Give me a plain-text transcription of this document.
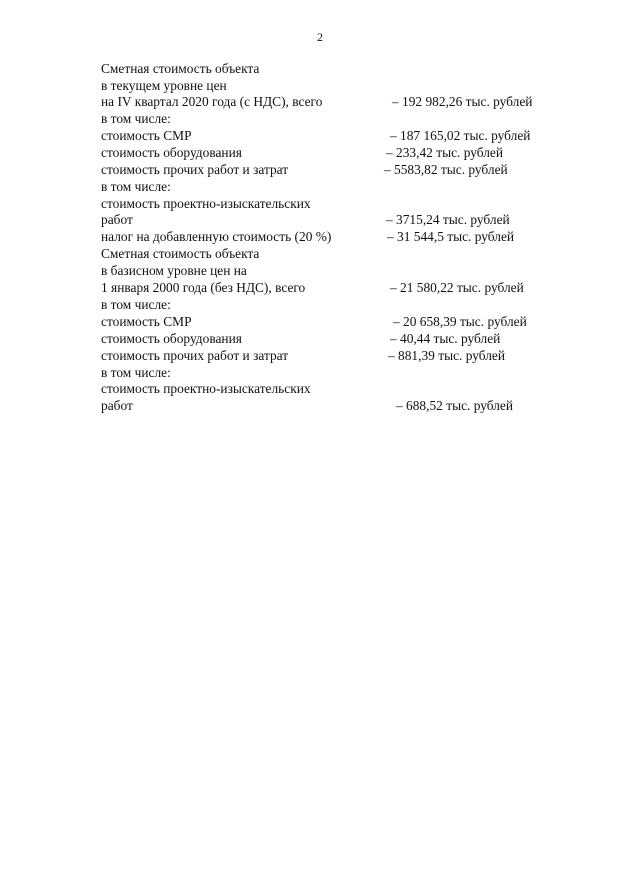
2
Сметная стоимость объекта
в текущем уровне цен
на IV квартал 2020 года (с НДС), всего	– 192 982,26 тыс. рублей
в том числе:
стоимость СМР	– 187 165,02 тыс. рублей
стоимость оборудования	– 233,42 тыс. рублей
стоимость прочих работ и затрат	– 5583,82 тыс. рублей
в том числе:
стоимость проектно-изыскательских
работ	– 3715,24 тыс. рублей
налог на добавленную стоимость (20 %)	– 31 544,5 тыс. рублей
Сметная стоимость объекта
в базисном уровне цен на
1 января 2000 года (без НДС), всего	– 21 580,22 тыс. рублей
в том числе:
стоимость СМР	– 20 658,39 тыс. рублей
стоимость оборудования	– 40,44 тыс. рублей
стоимость прочих работ и затрат	– 881,39 тыс. рублей
в том числе:
стоимость проектно-изыскательских
работ	– 688,52 тыс. рублей
